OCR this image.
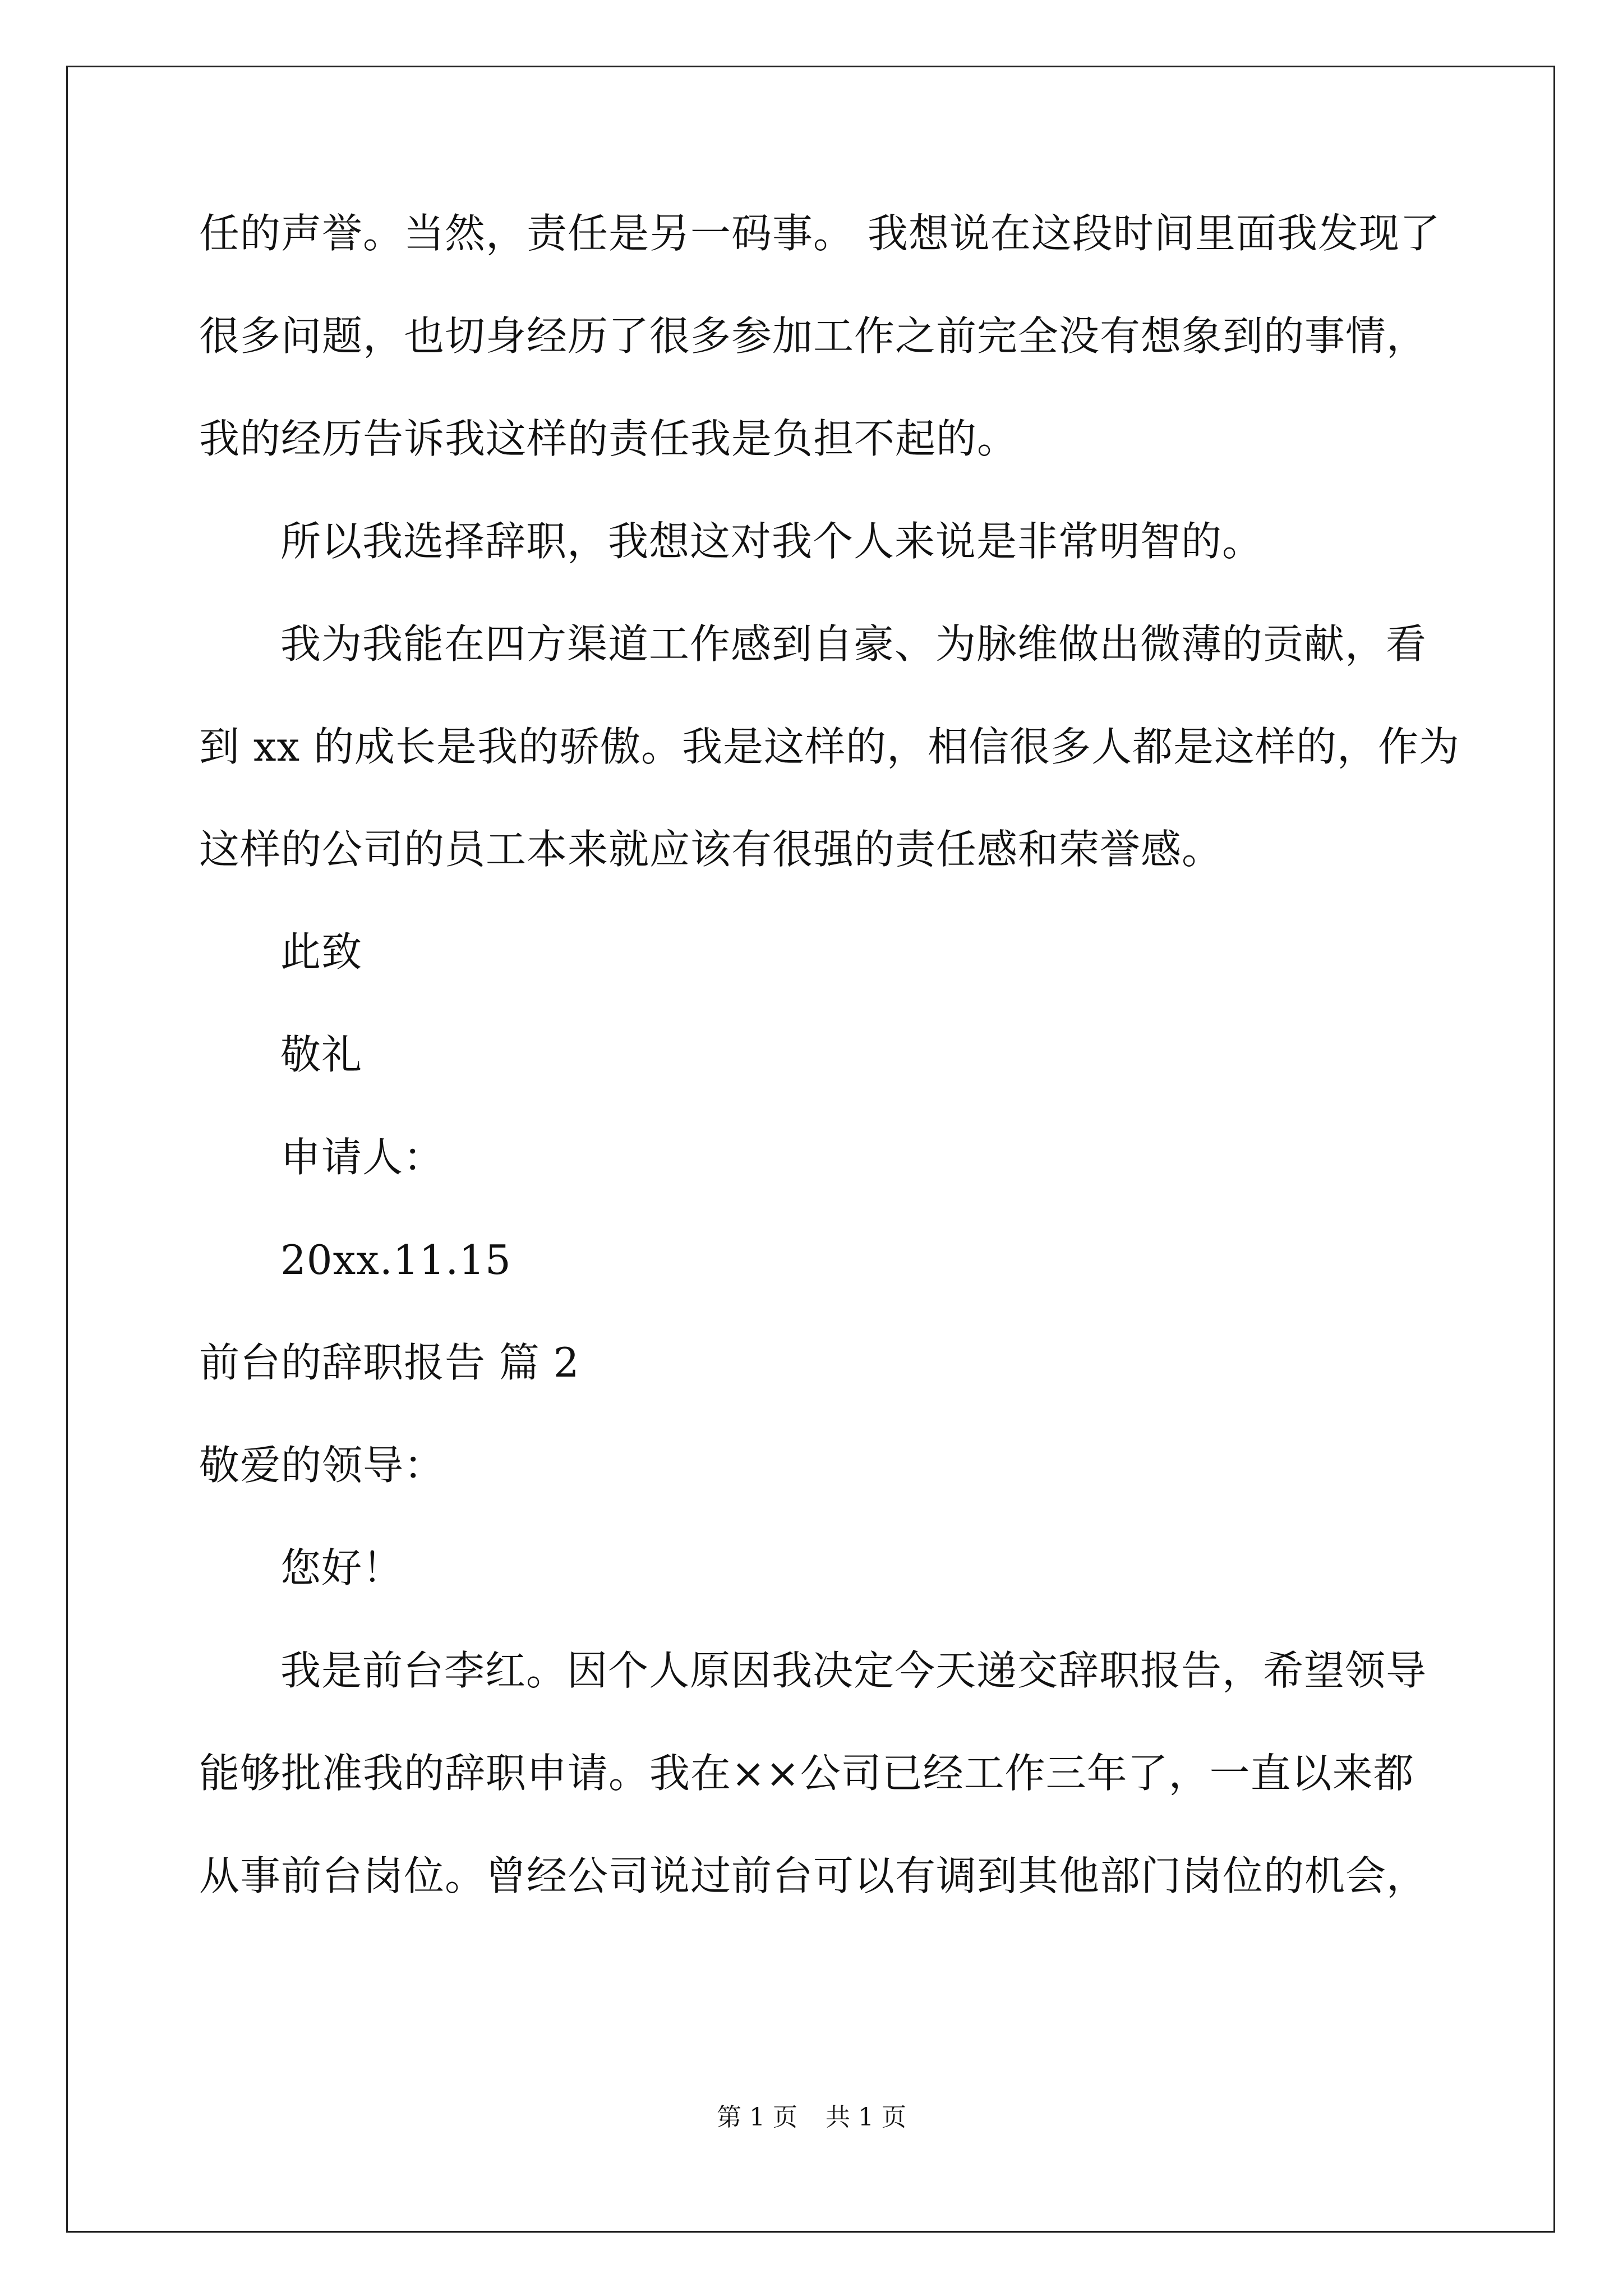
任的声誉。当然，责任是另一码事。 我想说在这段时间里面我发现了
很多问题，也切身经历了很多参加工作之前完全没有想象到的事情，
我的经历告诉我这样的责任我是负担不起的。
所以我选择辞职，我想这对我个人来说是非常明智的。
我为我能在四方渠道工作感到自豪、为脉维做出微薄的贡献，看
到 xx 的成长是我的骄傲。我是这样的，相信很多人都是这样的，作为
这样的公司的员工本来就应该有很强的责任感和荣誉感。
此致
敬礼
申请人：
20xx.11.15
前台的辞职报告 篇 2
敬爱的领导：
您好！
我是前台李红。因个人原因我决定今天递交辞职报告，希望领导
能够批准我的辞职申请。我在××公司已经工作三年了，一直以来都
从事前台岗位。曾经公司说过前台可以有调到其他部门岗位的机会，
第 1 页 共 1 页
